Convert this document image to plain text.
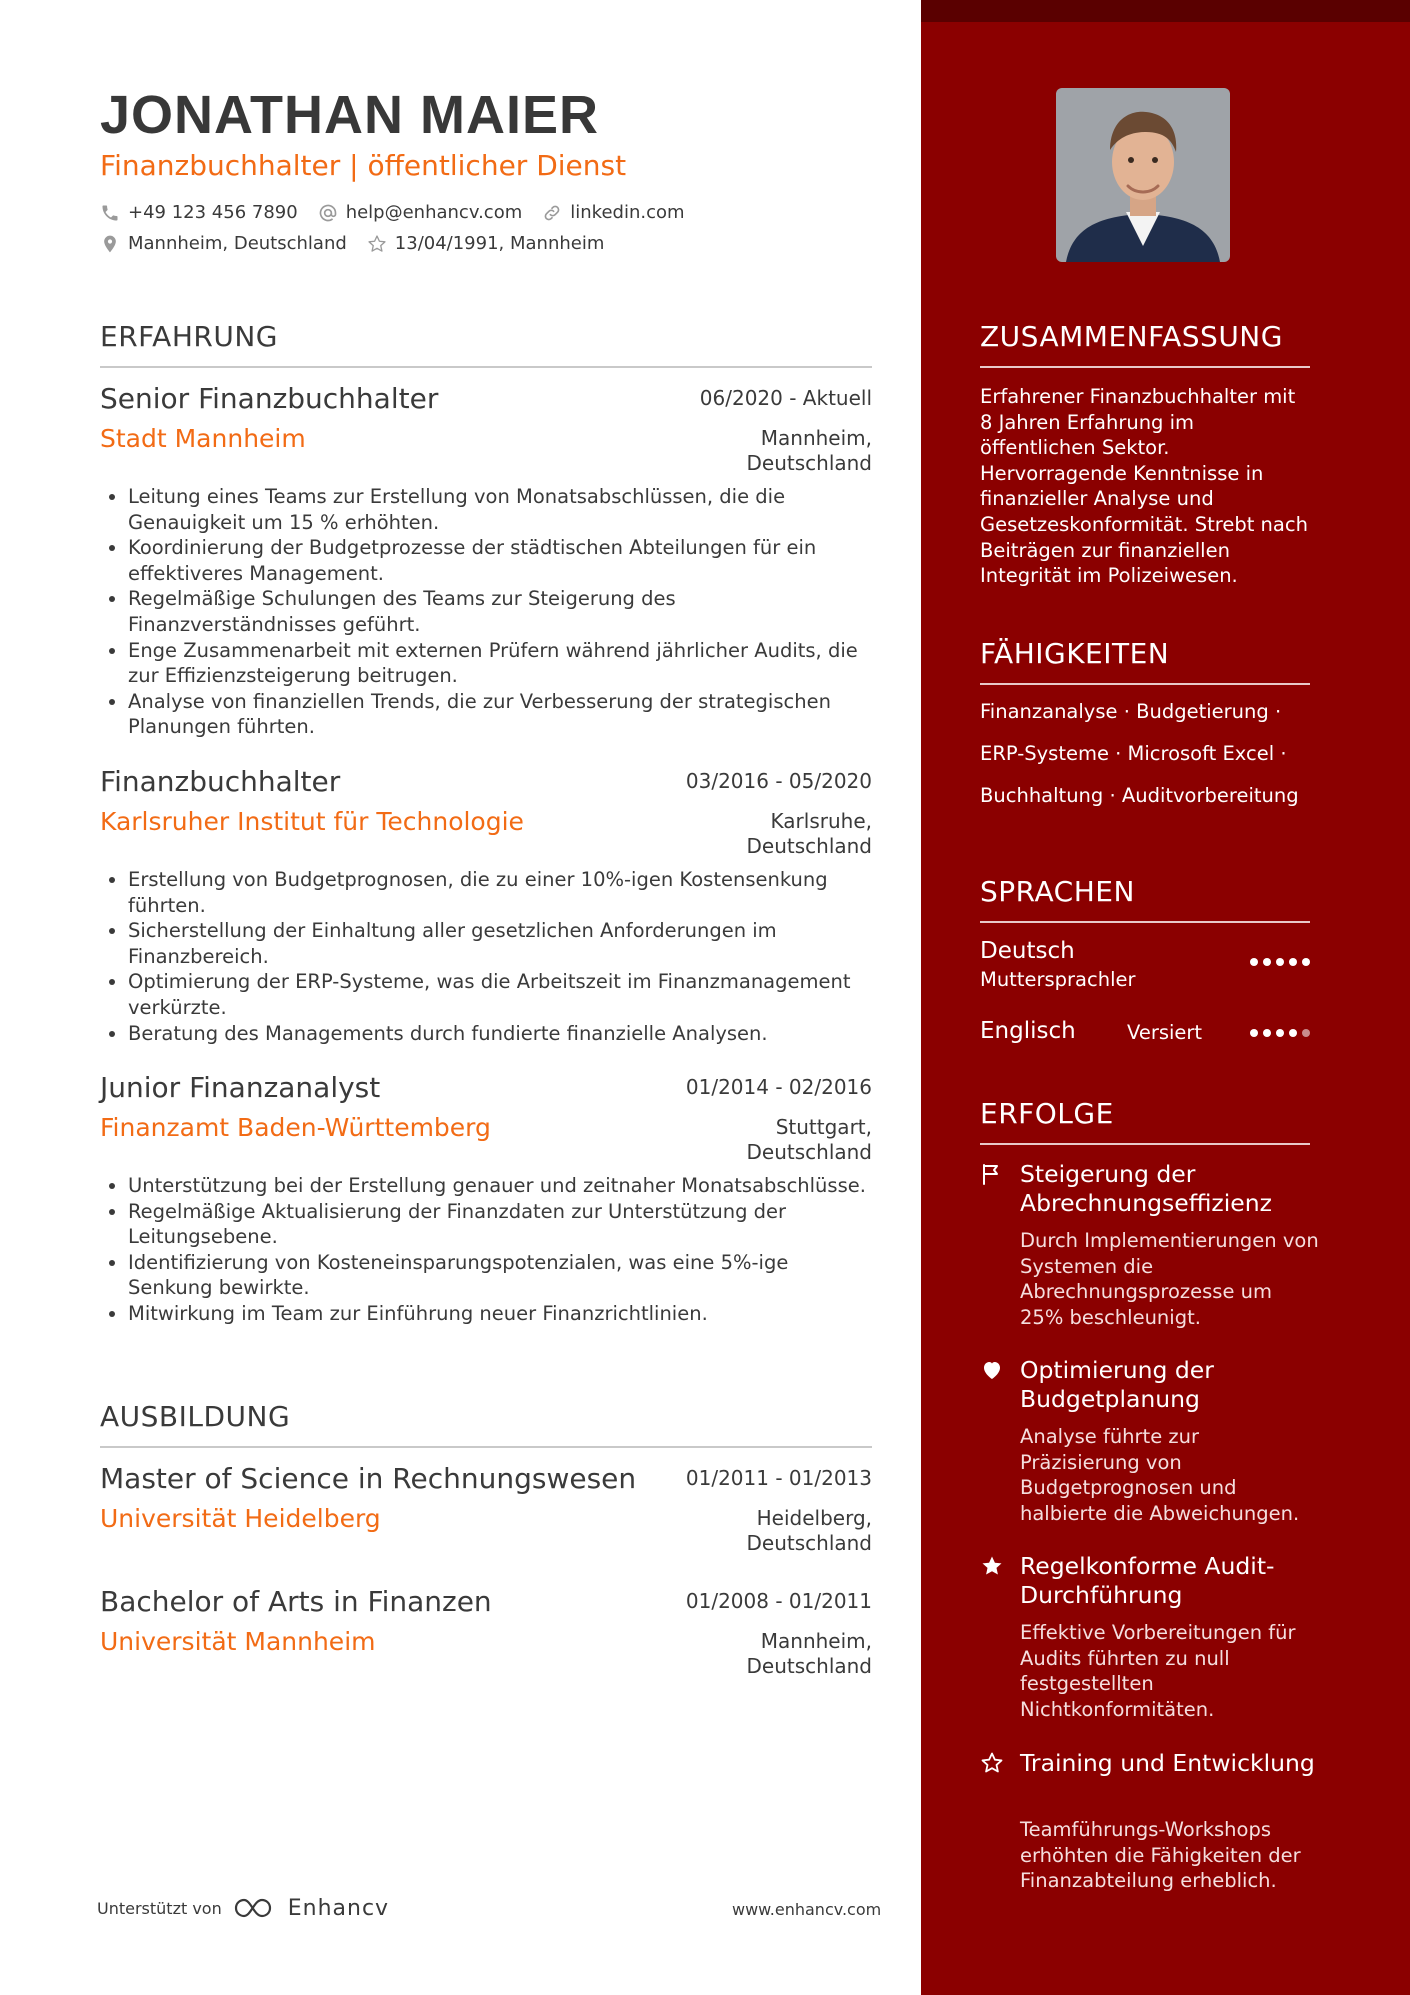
JONATHAN MAIER
Finanzbuchhalter | öffentlicher Dienst
+49 123 456 7890	help@enhancv.com	linkedin.com
Mannheim, Deutschland	13/04/1991, Mannheim
ERFAHRUNG
Senior Finanzbuchhalter	06/2020 - Aktuell
Stadt Mannheim	Mannheim,
Deutschland
• Leitung eines Teams zur Erstellung von Monatsabschlüssen, die die Genauigkeit um 15 % erhöhten.
• Koordinierung der Budgetprozesse der städtischen Abteilungen für ein effektiveres Management.
• Regelmäßige Schulungen des Teams zur Steigerung des Finanzverständnisses geführt.
• Enge Zusammenarbeit mit externen Prüfern während jährlicher Audits, die zur Effizienzsteigerung beitrugen.
• Analyse von finanziellen Trends, die zur Verbesserung der strategischen Planungen führten.
Finanzbuchhalter	03/2016 - 05/2020
Karlsruher Institut für Technologie	Karlsruhe,
Deutschland
• Erstellung von Budgetprognosen, die zu einer 10%-igen Kostensenkung führten.
• Sicherstellung der Einhaltung aller gesetzlichen Anforderungen im Finanzbereich.
• Optimierung der ERP-Systeme, was die Arbeitszeit im Finanzmanagement verkürzte.
• Beratung des Managements durch fundierte finanzielle Analysen.
Junior Finanzanalyst	01/2014 - 02/2016
Finanzamt Baden-Württemberg	Stuttgart,
Deutschland
• Unterstützung bei der Erstellung genauer und zeitnaher Monatsabschlüsse.
• Regelmäßige Aktualisierung der Finanzdaten zur Unterstützung der Leitungsebene.
• Identifizierung von Kosteneinsparungspotenzialen, was eine 5%-ige Senkung bewirkte.
• Mitwirkung im Team zur Einführung neuer Finanzrichtlinien.
AUSBILDUNG
Master of Science in Rechnungswesen 01/2011 - 01/2013
Universität Heidelberg	Heidelberg,
Deutschland
Bachelor of Arts in Finanzen	01/2008 - 01/2011
Universität Mannheim	Mannheim,
Deutschland
Unterstützt von	Enhancv	www.enhancv.com
ZUSAMMENFASSUNG
Erfahrener Finanzbuchhalter mit 8 Jahren Erfahrung im öffentlichen Sektor. Hervorragende Kenntnisse in finanzieller Analyse und Gesetzeskonformität. Strebt nach Beiträgen zur finanziellen Integrität im Polizeiwesen.
FÄHIGKEITEN
Finanzanalyse · Budgetierung ·
ERP-Systeme · Microsoft Excel ·
Buchhaltung · Auditvorbereitung
SPRACHEN
Deutsch
Muttersprachler
Englisch	Versiert
ERFOLGE
Steigerung der Abrechnungseffizienz
Durch Implementierungen von Systemen die Abrechnungsprozesse um 25% beschleunigt.
Optimierung der Budgetplanung
Analyse führte zur Präzisierung von Budgetprognosen und halbierte die Abweichungen.
Regelkonforme Audit-Durchführung
Effektive Vorbereitungen für Audits führten zu null festgestellten Nichtkonformitäten.
Training und Entwicklung
Teamführungs-Workshops erhöhten die Fähigkeiten der Finanzabteilung erheblich.
